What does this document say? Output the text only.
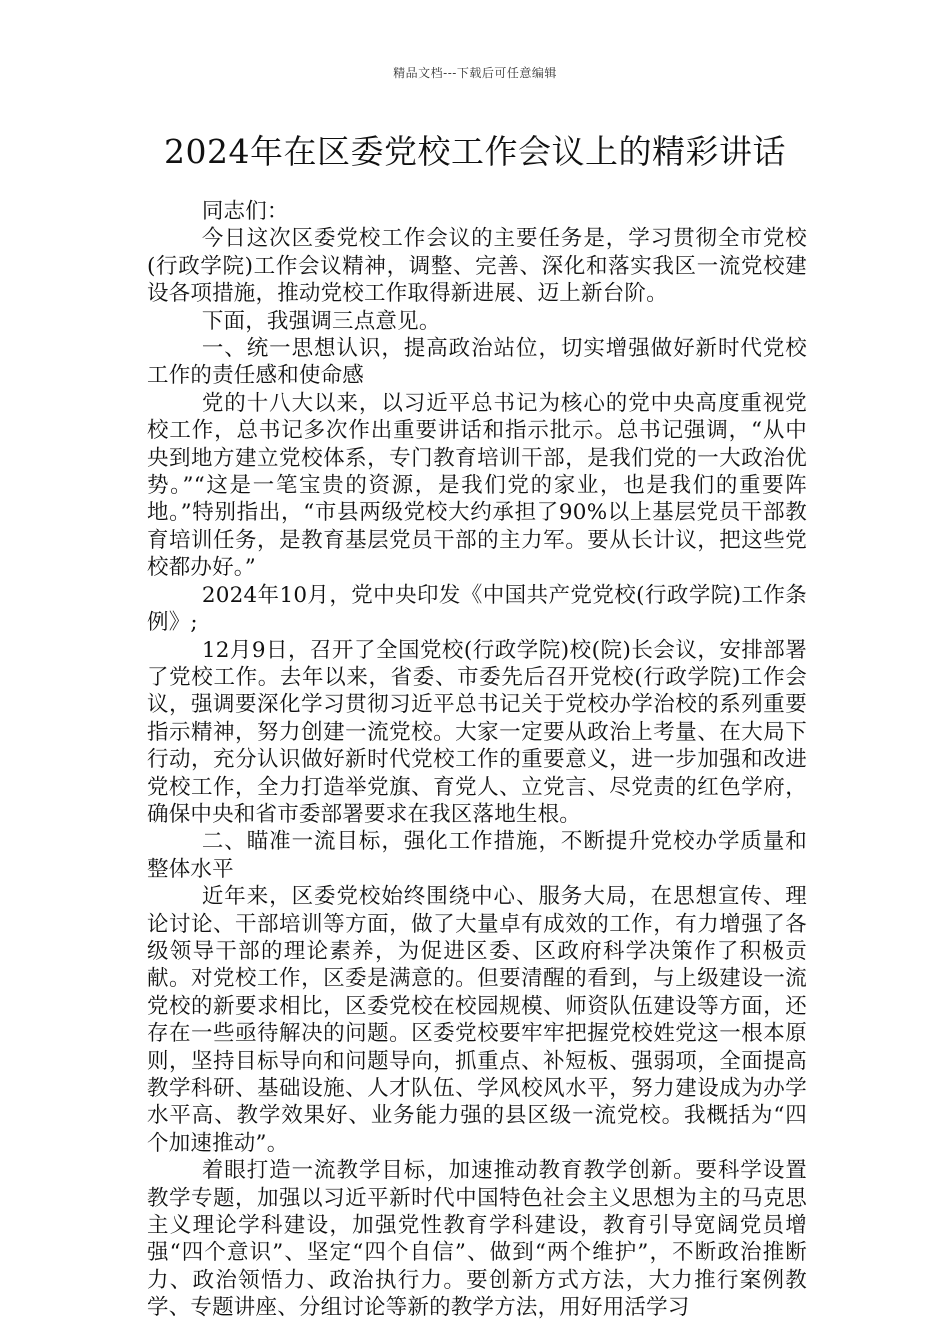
精品文档---下载后可任意编辑
2024年在区委党校工作会议上的精彩讲话

同志们：

今日这次区委党校工作会议的主要任务是，学习贯彻全市党校(行政学院)工作会议精神，调整、完善、深化和落实我区一流党校建设各项措施，推动党校工作取得新进展、迈上新台阶。

下面，我强调三点意见。

一、统一思想认识，提高政治站位，切实增强做好新时代党校工作的责任感和使命感

党的十八大以来，以习近平总书记为核心的党中央高度重视党校工作，总书记多次作出重要讲话和指示批示。总书记强调，“从中央到地方建立党校体系，专门教育培训干部，是我们党的一大政治优势。”“这是一笔宝贵的资源，是我们党的家业，也是我们的重要阵地。”特别指出，“市县两级党校大约承担了90%以上基层党员干部教育培训任务，是教育基层党员干部的主力军。要从长计议，把这些党校都办好。”

2024年10月，党中央印发《中国共产党党校(行政学院)工作条例》;

12月9日，召开了全国党校(行政学院)校(院)长会议，安排部署了党校工作。去年以来，省委、市委先后召开党校(行政学院)工作会议，强调要深化学习贯彻习近平总书记关于党校办学治校的系列重要指示精神，努力创建一流党校。大家一定要从政治上考量、在大局下行动，充分认识做好新时代党校工作的重要意义，进一步加强和改进党校工作，全力打造举党旗、育党人、立党言、尽党责的红色学府，确保中央和省市委部署要求在我区落地生根。

二、瞄准一流目标，强化工作措施，不断提升党校办学质量和整体水平

近年来，区委党校始终围绕中心、服务大局，在思想宣传、理论讨论、干部培训等方面，做了大量卓有成效的工作，有力增强了各级领导干部的理论素养，为促进区委、区政府科学决策作了积极贡献。对党校工作，区委是满意的。但要清醒的看到，与上级建设一流党校的新要求相比，区委党校在校园规模、师资队伍建设等方面，还存在一些亟待解决的问题。区委党校要牢牢把握党校姓党这一根本原则，坚持目标导向和问题导向，抓重点、补短板、强弱项，全面提高教学科研、基础设施、人才队伍、学风校风水平，努力建设成为办学水平高、教学效果好、业务能力强的县区级一流党校。我概括为“四个加速推动”。

着眼打造一流教学目标，加速推动教育教学创新。要科学设置教学专题，加强以习近平新时代中国特色社会主义思想为主的马克思主义理论学科建设，加强党性教育学科建设，教育引导宽阔党员增强“四个意识”、坚定“四个自信”、做到“两个维护”，不断政治推断力、政治领悟力、政治执行力。要创新方式方法，大力推行案例教学、专题讲座、分组讨论等新的教学方法，用好用活学习
